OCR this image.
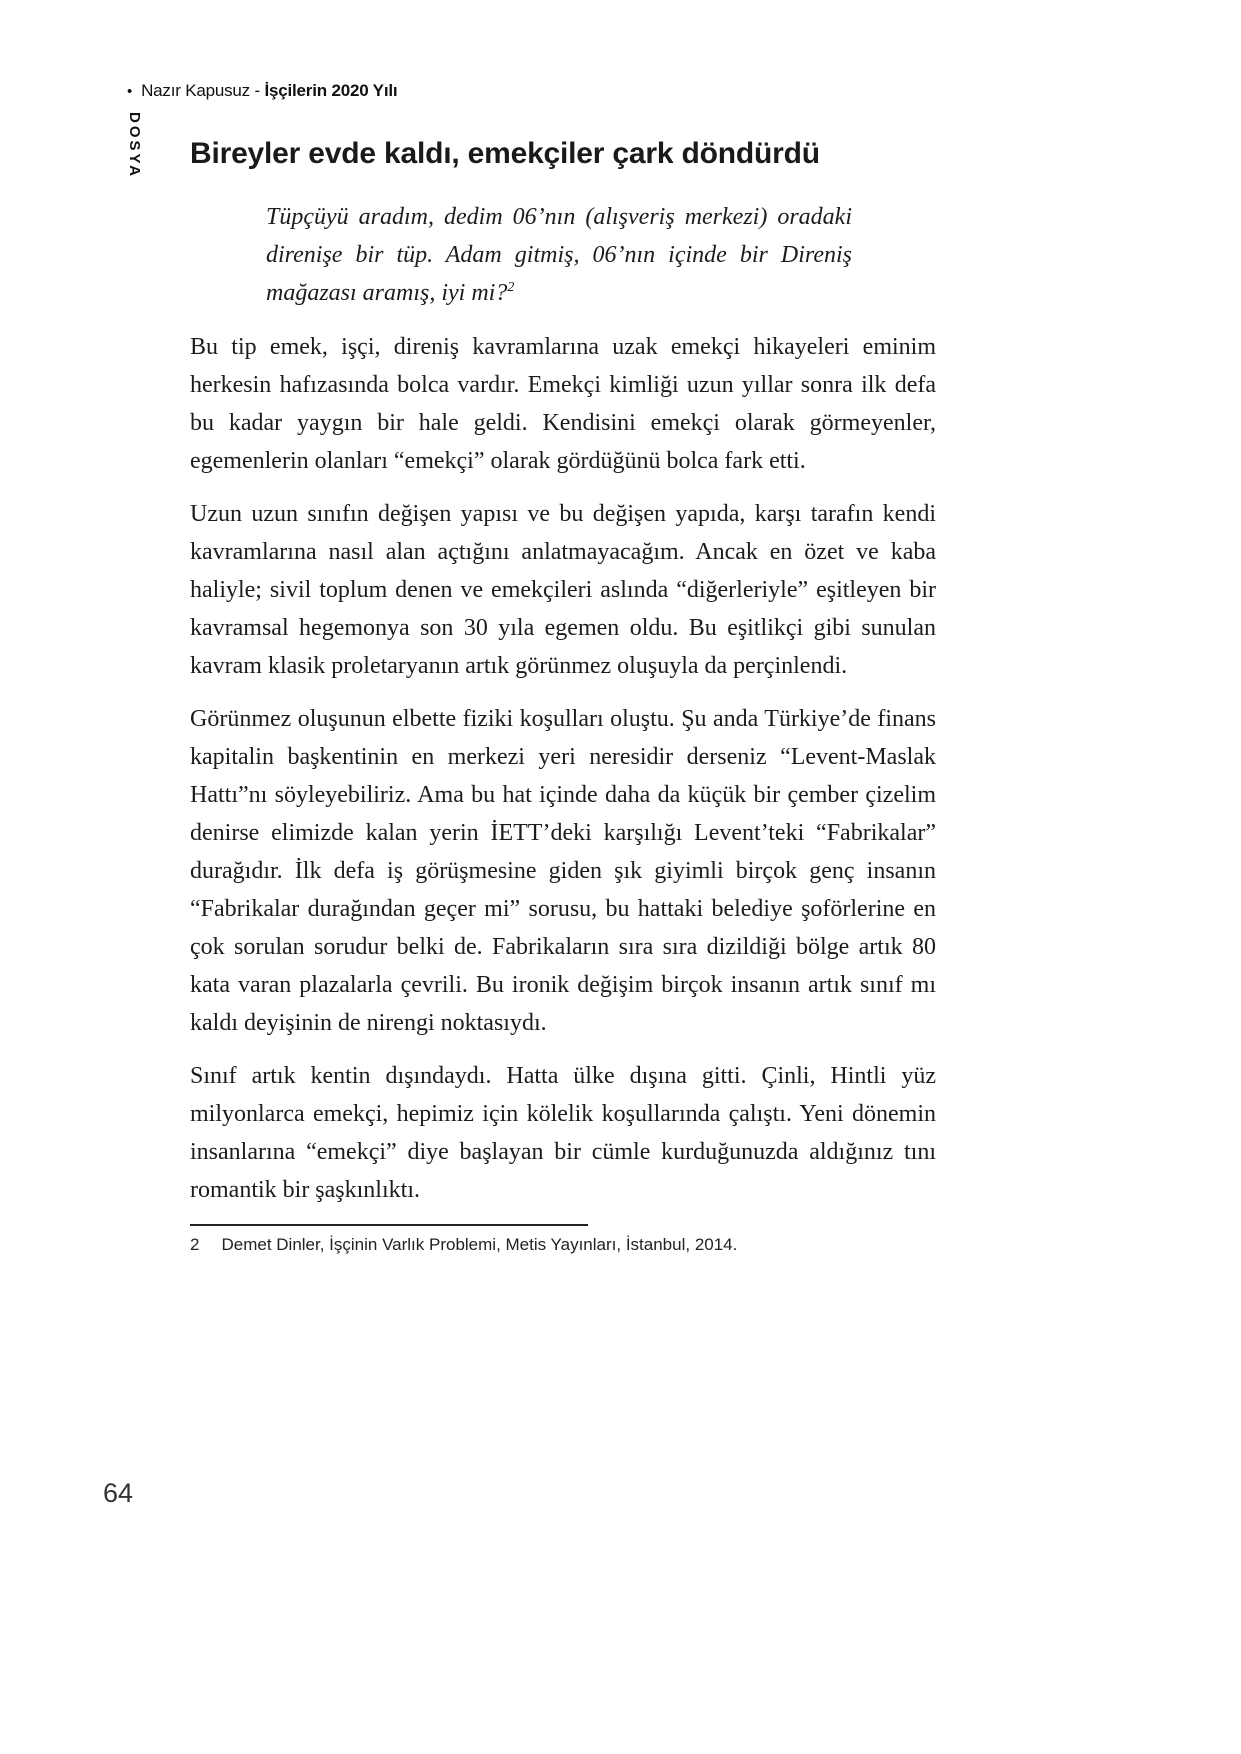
• Nazır Kapusuz - İşçilerin 2020 Yılı
DOSYA Bireyler evde kaldı, emekçiler çark döndürdü
Tüpçüyü aradım, dedim 06’nın (alışveriş merkezi) oradaki direnişe bir tüp. Adam gitmiş, 06’nın içinde bir Direniş mağazası aramış, iyi mi?$^2$

Bu tip emek, işçi, direniş kavramlarına uzak emekçi hikayeleri eminim herkesin hafızasında bolca vardır. Emekçi kimliği uzun yıllar sonra ilk defa bu kadar yaygın bir hale geldi. Kendisini emekçi olarak görmeyenler, egemenlerin olanları “emekçi” olarak gördüğünü bolca fark etti.

Uzun uzun sınıfın değişen yapısı ve bu değişen yapıda, karşı tarafın kendi kavramlarına nasıl alan açtığını anlatmayacağım. Ancak en özet ve kaba haliyle; sivil toplum denen ve emekçileri aslında “diğerleriyle” eşitleyen bir kavramsal hegemonya son 30 yıla egemen oldu. Bu eşitlikçi gibi sunulan kavram klasik proletaryanın artık görünmez oluşuyla da perçinlendi.

Görünmez oluşunun elbette fiziki koşulları oluştu. Şu anda Türkiye’de finans kapitalin başkentinin en merkezi yeri neresidir derseniz “Levent-Maslak Hattı”nı söyleyebiliriz. Ama bu hat içinde daha da küçük bir çember çizelim denirse elimizde kalan yerin İETT’deki karşılığı Levent’teki “Fabrikalar” durağıdır. İlk defa iş görüşmesine giden şık giyimli birçok genç insanın “Fabrikalar durağından geçer mi” sorusu, bu hattaki belediye şoförlerine en çok sorulan sorudur belki de. Fabrikaların sıra sıra dizildiği bölge artık 80 kata varan plazalarla çevrili. Bu ironik değişim birçok insanın artık sınıf mı kaldı deyişinin de nirengi noktasıydı.

Sınıf artık kentin dışındaydı. Hatta ülke dışına gitti. Çinli, Hintli yüz milyonlarca emekçi, hepimiz için kölelik koşullarında çalıştı. Yeni dönemin insanlarına “emekçi” diye başlayan bir cümle kurduğunuzda aldığınız tını romantik bir şaşkınlıktı.

2 Demet Dinler, İşçinin Varlık Problemi, Metis Yayınları, İstanbul, 2014.
64
